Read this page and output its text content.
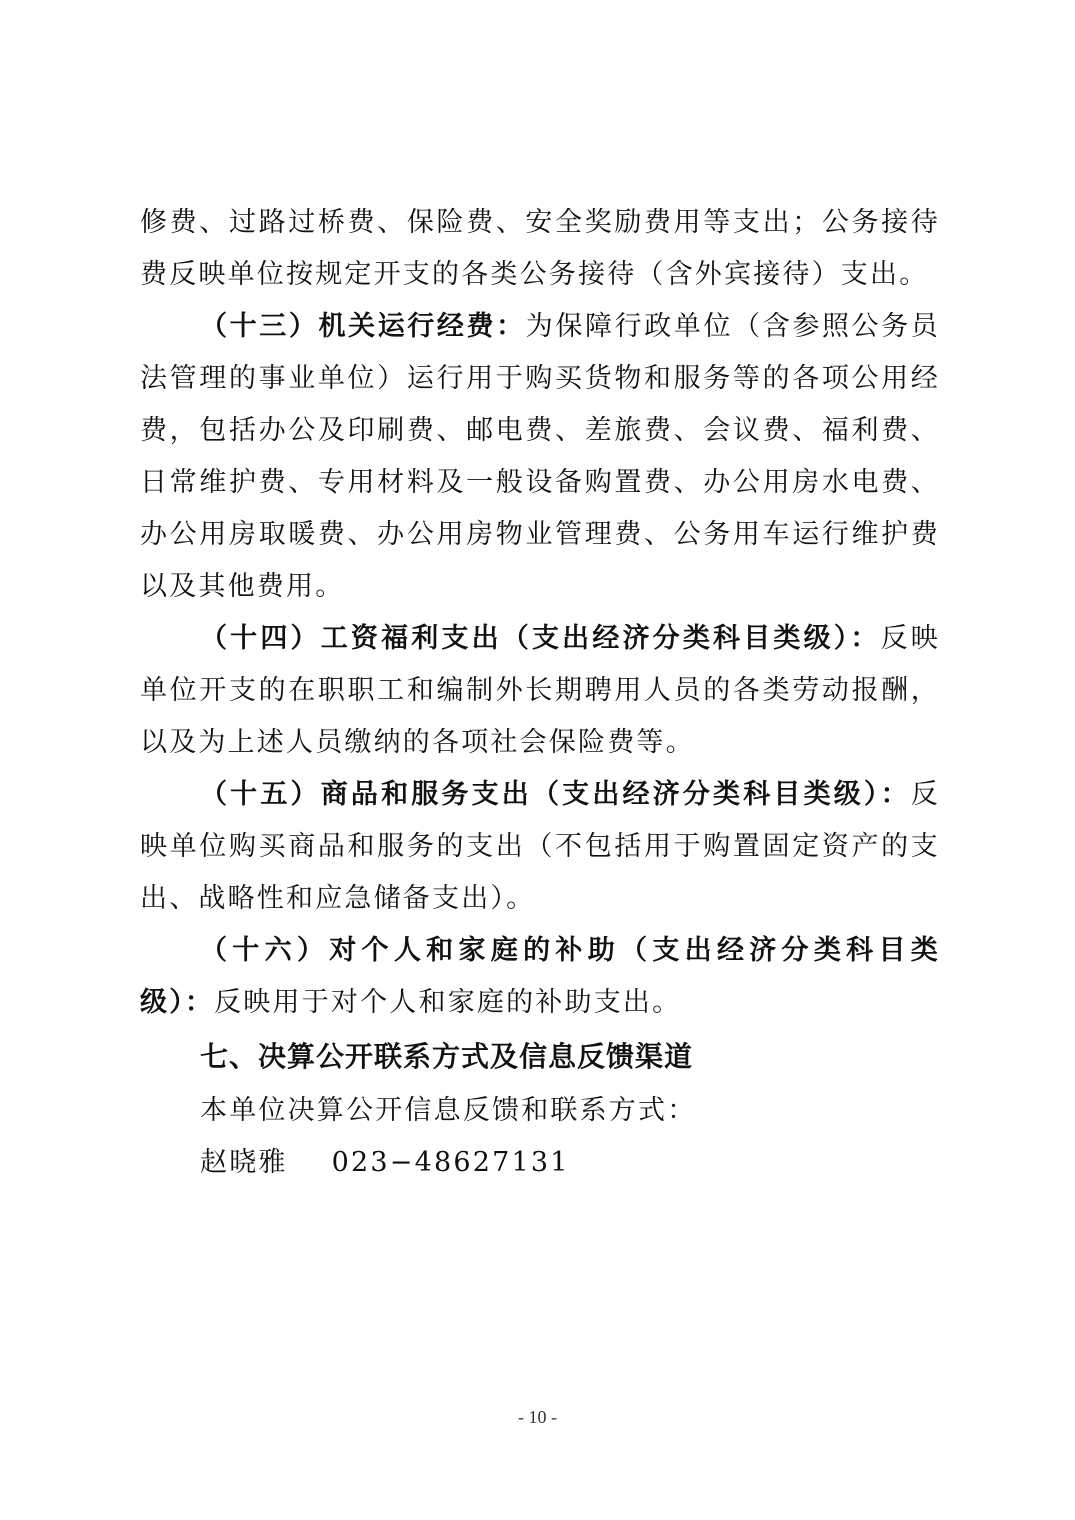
修费、过路过桥费、保险费、安全奖励费用等支出；公务接待费反映单位按规定开支的各类公务接待（含外宾接待）支出。

（十三）机关运行经费：为保障行政单位（含参照公务员法管理的事业单位）运行用于购买货物和服务等的各项公用经费，包括办公及印刷费、邮电费、差旅费、会议费、福利费、日常维护费、专用材料及一般设备购置费、办公用房水电费、办公用房取暖费、办公用房物业管理费、公务用车运行维护费以及其他费用。

（十四）工资福利支出（支出经济分类科目类级）：反映单位开支的在职职工和编制外长期聘用人员的各类劳动报酬，以及为上述人员缴纳的各项社会保险费等。

（十五）商品和服务支出（支出经济分类科目类级）：反映单位购买商品和服务的支出（不包括用于购置固定资产的支出、战略性和应急储备支出）。

（十六）对个人和家庭的补助（支出经济分类科目类级）：反映用于对个人和家庭的补助支出。

七、决算公开联系方式及信息反馈渠道

本单位决算公开信息反馈和联系方式：

赵晓雅 023−48627131

- 10 -
